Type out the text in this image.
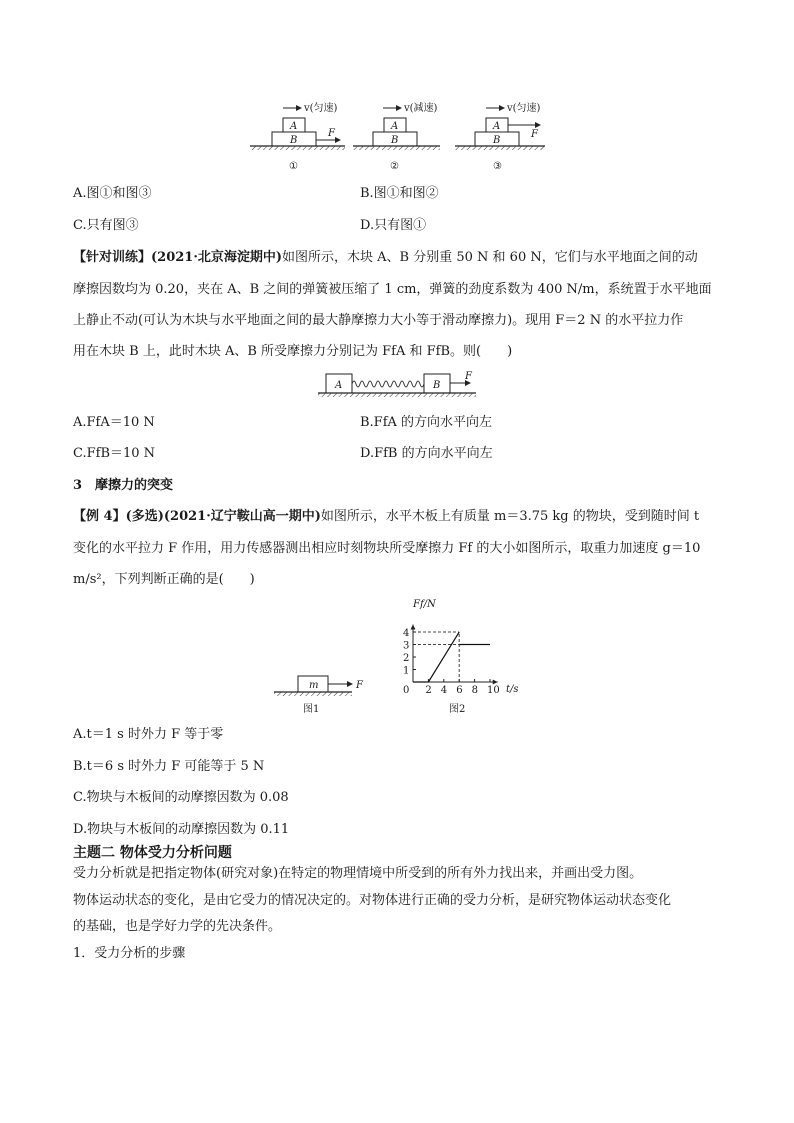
v(匀速)
A
B
F
①
v(减速)
A
B
②
v(匀速)
A
F
B
③
A.图①和图③	B.图①和图②
C.只有图③	D.只有图①
【针对训练】(2021·北京海淀期中)如图所示，木块 A、B 分别重 50 N 和 60 N，它们与水平地面之间的动
摩擦因数均为 0.20，夹在 A、B 之间的弹簧被压缩了 1 cm，弹簧的劲度系数为 400 N/m，系统置于水平地面
上静止不动(可认为木块与水平地面之间的最大静摩擦力大小等于滑动摩擦力)。现用 F＝2 N 的水平拉力作
用在木块 B 上，此时木块 A、B 所受摩擦力分别记为 FfA 和 FfB。则(　　)
A	B
F
A.FfA＝10 N	B.FfA 的方向水平向左
C.FfB＝10 N	D.FfB 的方向水平向左
3　摩擦力的突变
【例 4】(多选)(2021·辽宁鞍山高一期中)如图所示，水平木板上有质量 m＝3.75 kg 的物块，受到随时间 t
变化的水平拉力 F 作用，用力传感器测出相应时刻物块所受摩擦力 Ff 的大小如图所示，取重力加速度 g＝10
m/s²，下列判断正确的是(　　)
m	F
图1
0 2 4 6 8 10
1
2
3
4
Ff/N
t/s
图2
A.t＝1 s 时外力 F 等于零
B.t＝6 s 时外力 F 可能等于 5 N
C.物块与木板间的动摩擦因数为 0.08
D.物块与木板间的动摩擦因数为 0.11
主题二 物体受力分析问题
受力分析就是把指定物体(研究对象)在特定的物理情境中所受到的所有外力找出来，并画出受力图。
物体运动状态的变化，是由它受力的情况决定的。对物体进行正确的受力分析，是研究物体运动状态变化
的基础，也是学好力学的先决条件。
1．受力分析的步骤
